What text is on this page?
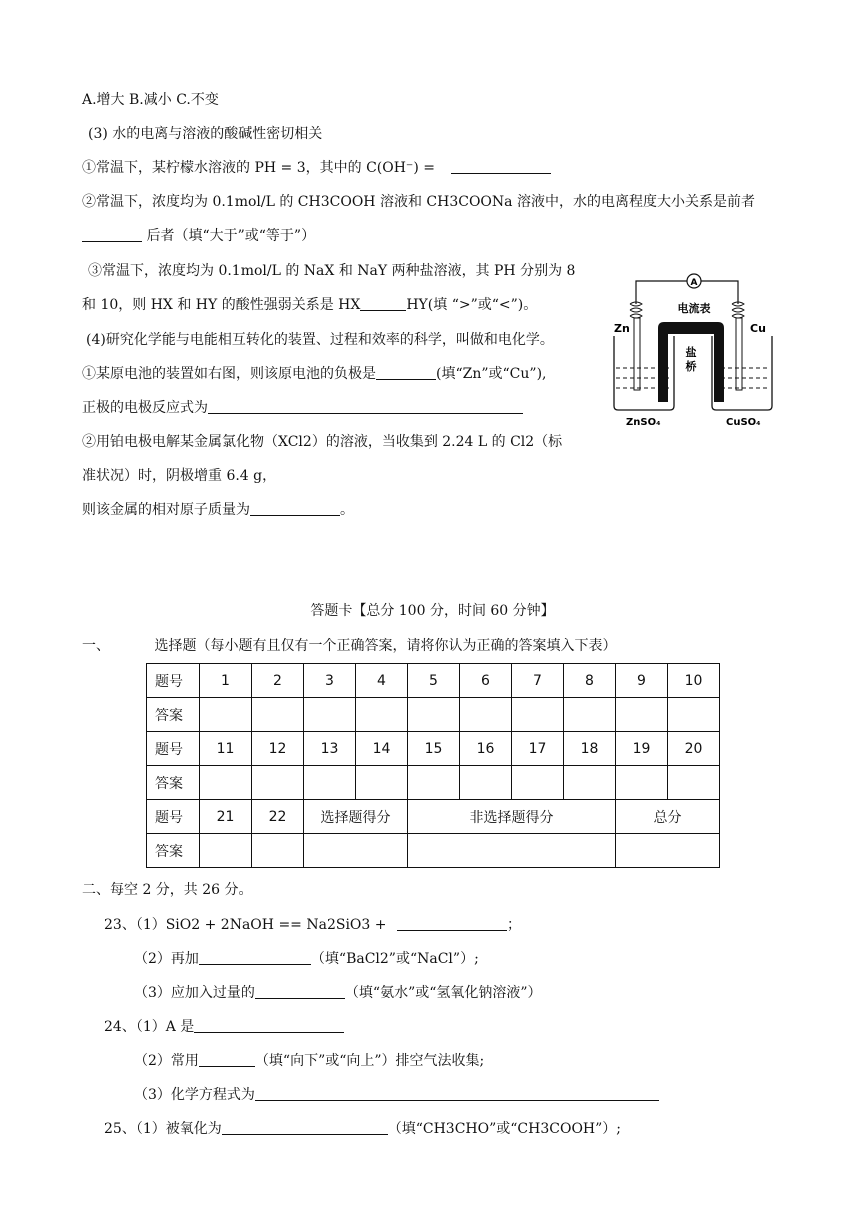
A.增大 B.减小 C.不变
(3) 水的电离与溶液的酸碱性密切相关
①常温下，某柠檬水溶液的 PH = 3，其中的 C(OH⁻) =
②常温下，浓度均为 0.1mol/L 的 CH3COOH 溶液和 CH3COONa 溶液中，水的电离程度大小关系是前者
后者（填“大于”或“等于”）
③常温下，浓度均为 0.1mol/L 的 NaX 和 NaY 两种盐溶液，其 PH 分别为 8
和 10，则 HX 和 HY 的酸性强弱关系是 HX	HY(填 “>”或“<”)。
(4)研究化学能与电能相互转化的装置、过程和效率的科学，叫做和电化学。
①某原电池的装置如右图，则该原电池的负极是	(填“Zn”或“Cu”),
正极的电极反应式为
②用铂电极电解某金属氯化物（XCl2）的溶液，当收集到 2.24 L 的 Cl2（标
准状况）时，阴极增重 6.4 g，
则该金属的相对原子质量为	。
A
电流表
Zn	Cu
盐
桥
ZnSO₄	CuSO₄
答题卡【总分 100 分，时间 60 分钟】
一、	选择题（每小题有且仅有一个正确答案，请将你认为正确的答案填入下表）
题号	1	2	3	4	5	6	7	8	9	10
答案										
题号	11	12	13	14	15	16	17	18	19	20
答案										
题号	21	22	选择题得分		非选择题得分				总分	
答案										
二、每空 2 分，共 26 分。
23、（1）SiO2 + 2NaOH == Na2SiO3 +	；
（2）再加	（填“BaCl2”或“NaCl”）;
（3）应加入过量的	（填“氨水”或“氢氧化钠溶液”）
24、（1）A 是
（2）常用	（填“向下”或“向上”）排空气法收集;
（3）化学方程式为
25、（1）被氧化为	（填“CH3CHO”或“CH3COOH”）;
